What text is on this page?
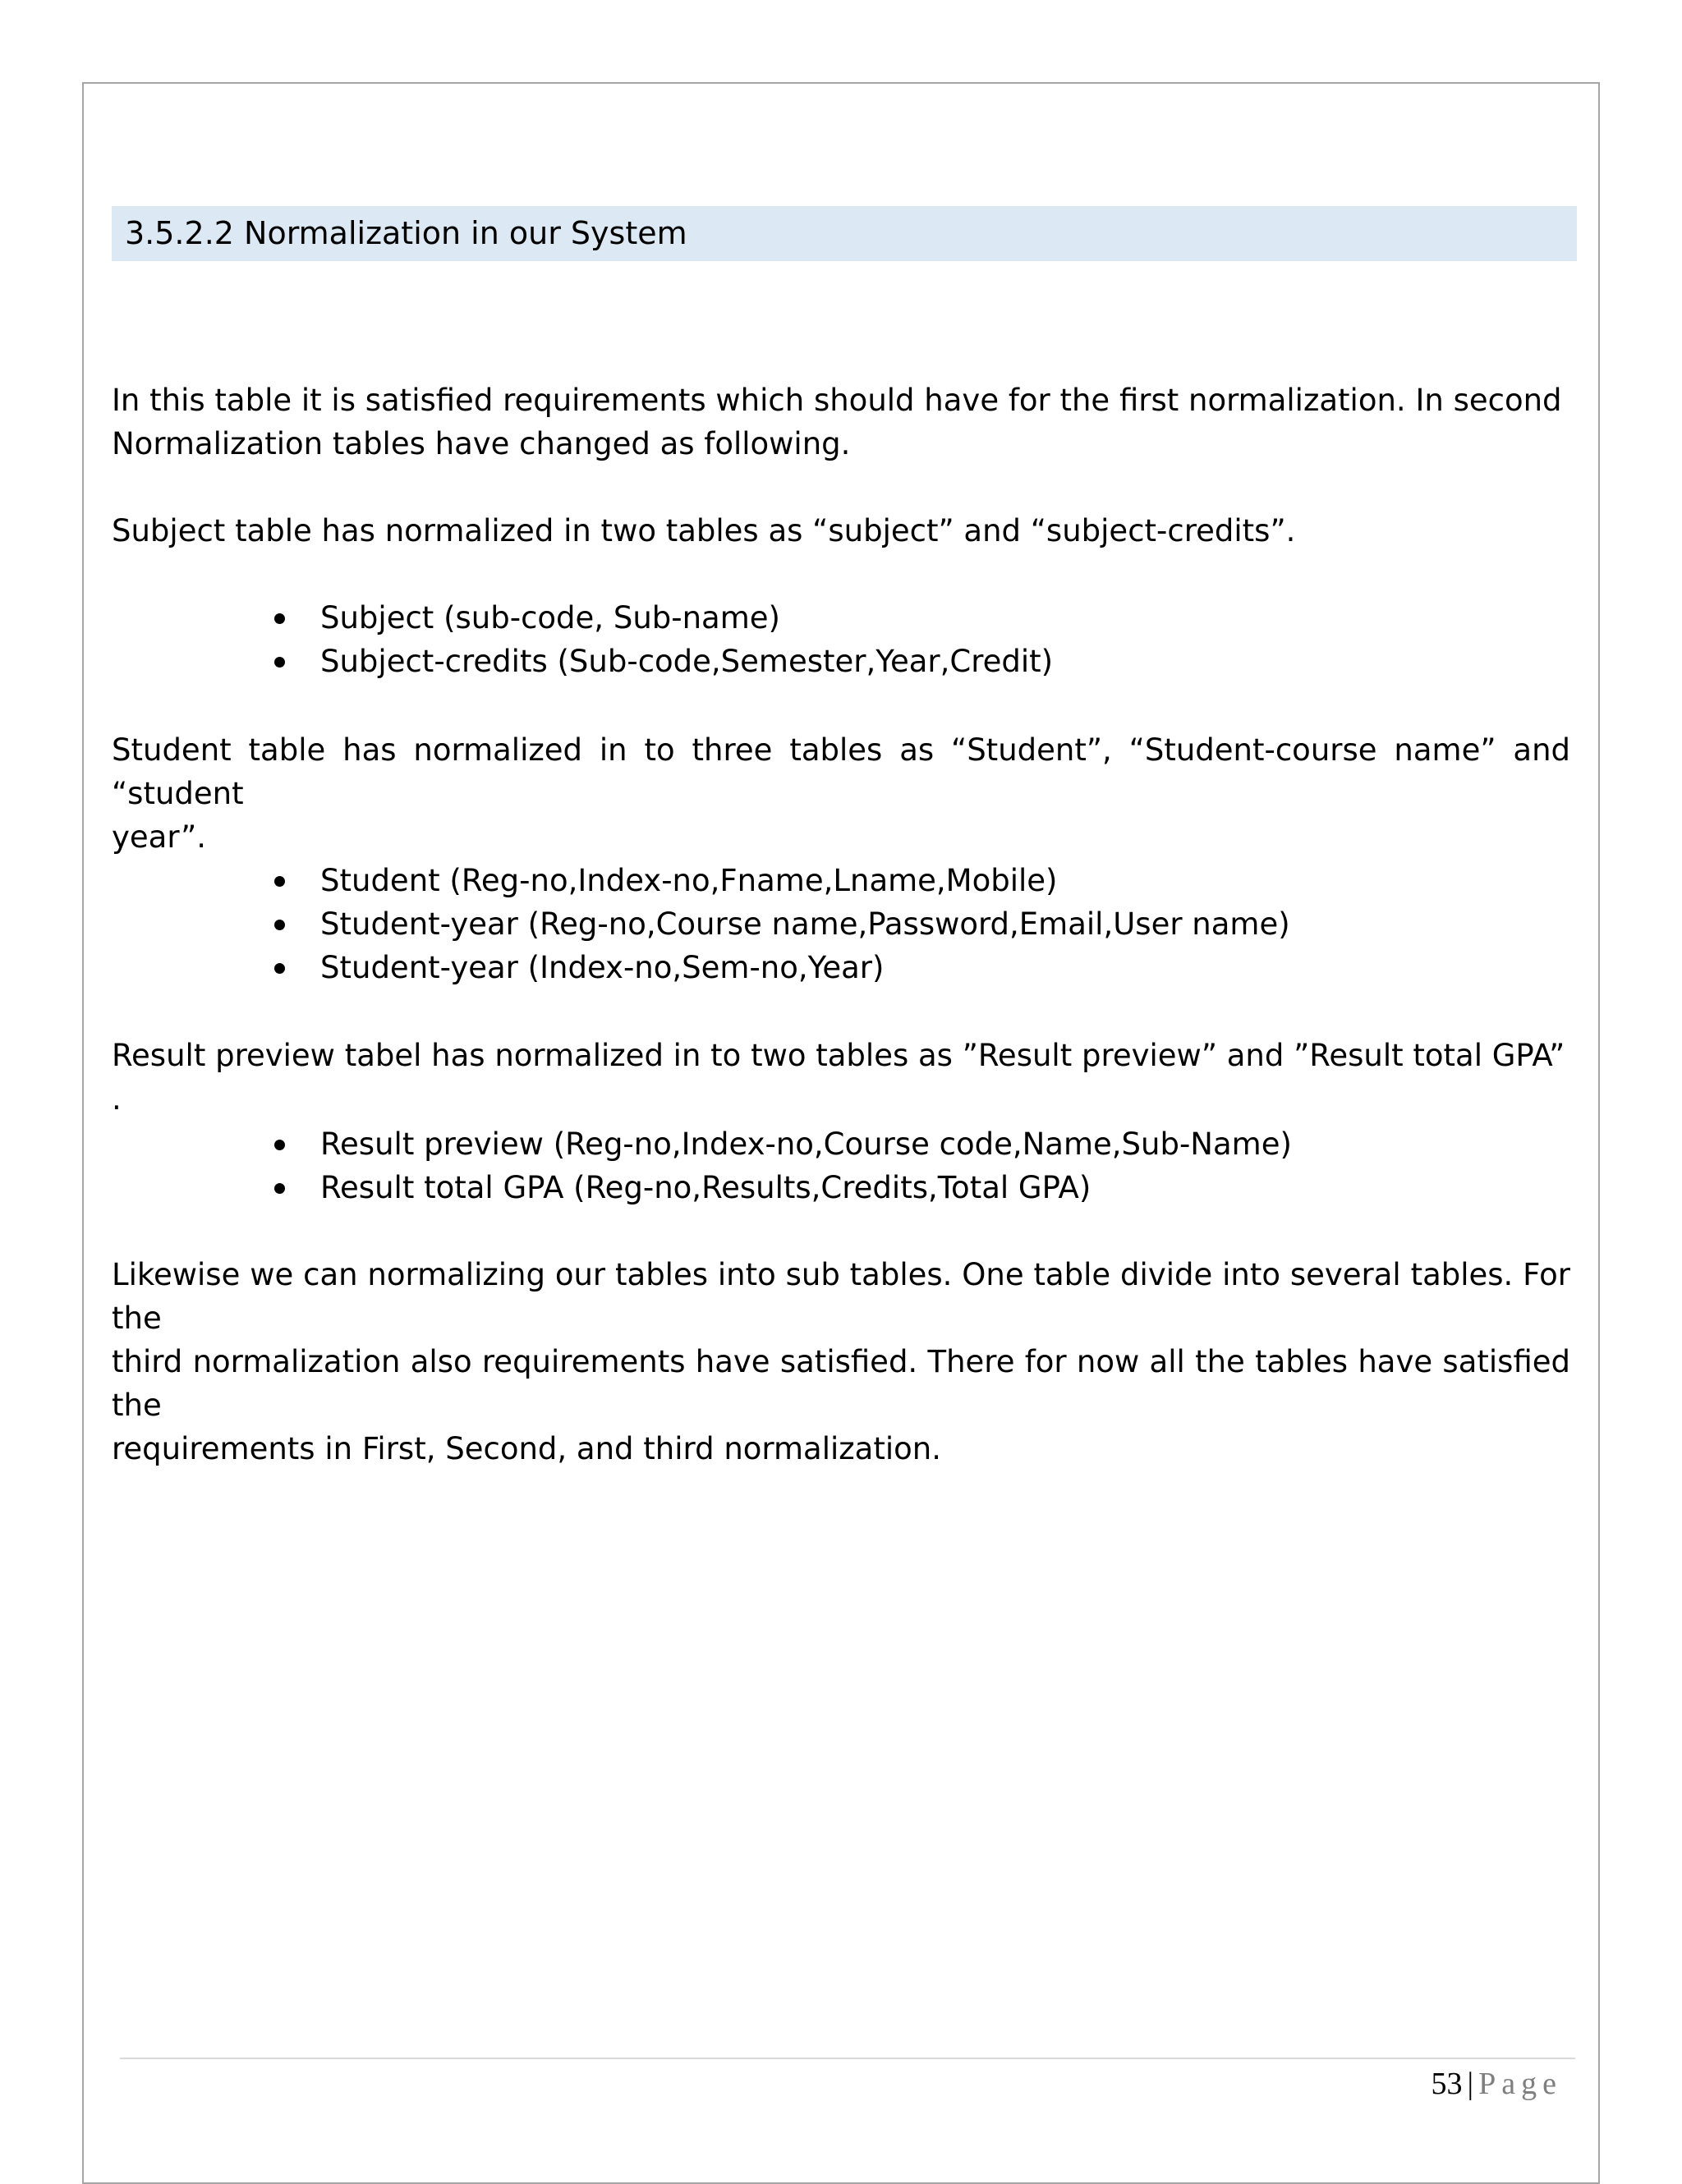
3.5.2.2 Normalization in our System
In this table it is satisfied requirements which should have for the first normalization. In second
Normalization tables have changed as following.

Subject table has normalized in two tables as “subject” and “subject-credits”.

Subject (sub-code, Sub-name)
Subject-credits (Sub-code,Semester,Year,Credit)
Student table has normalized in to three tables as “Student”, “Student-course name” and “student
year”.
Student (Reg-no,Index-no,Fname,Lname,Mobile)
Student-year (Reg-no,Course name,Password,Email,User name)
Student-year (Index-no,Sem-no,Year)

Result preview tabel has normalized in to two tables as ”Result preview” and ”Result total GPA” .

Result preview (Reg-no,Index-no,Course code,Name,Sub-Name)
Result total GPA (Reg-no,Results,Credits,Total GPA)
Likewise we can normalizing our tables into sub tables. One table divide into several tables. For the
third normalization also requirements have satisfied. There for now all the tables have satisfied the
requirements in First, Second, and third normalization.
53 | Page
